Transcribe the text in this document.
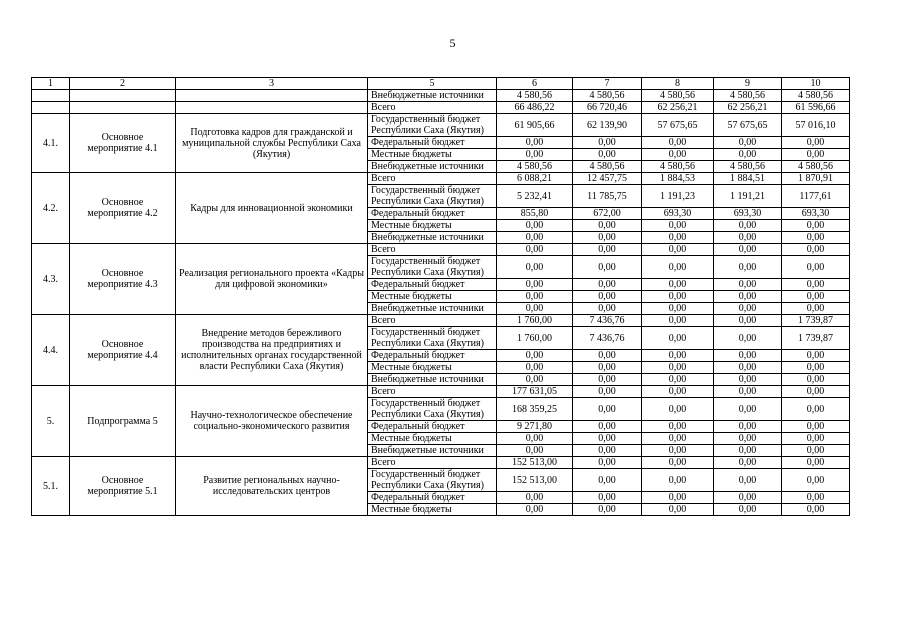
5
1	2	3	5	6	7	8	9	10
			Внебюджетные источники	4 580,56	4 580,56	4 580,56	4 580,56	4 580,56
			Всего	66 486,22	66 720,46	62 256,21	62 256,21	61 596,66
4.1.	Основное мероприятие 4.1	Подготовка кадров для гражданской и муниципальной службы Республики Саха (Якутия)	Государственный бюджет Республики Саха (Якутия)	61 905,66	62 139,90	57 675,65	57 675,65	57 016,10
			Федеральный бюджет	0,00	0,00	0,00	0,00	0,00
			Местные бюджеты	0,00	0,00	0,00	0,00	0,00
			Внебюджетные источники	4 580,56	4 580,56	4 580,56	4 580,56	4 580,56
4.2.	Основное мероприятие 4.2	Кадры для инновационной экономики	Всего	6 088,21	12 457,75	1 884,53	1 884,51	1 870,91
			Государственный бюджет Республики Саха (Якутия)	5 232,41	11 785,75	1 191,23	1 191,21	1177,61
			Федеральный бюджет	855,80	672,00	693,30	693,30	693,30
			Местные бюджеты	0,00	0,00	0,00	0,00	0,00
			Внебюджетные источники	0,00	0,00	0,00	0,00	0,00
4.3.	Основное мероприятие 4.3	Реализация регионального проекта «Кадры для цифровой экономики»	Всего	0,00	0,00	0,00	0,00	0,00
			Государственный бюджет Республики Саха (Якутия)	0,00	0,00	0,00	0,00	0,00
			Федеральный бюджет	0,00	0,00	0,00	0,00	0,00
			Местные бюджеты	0,00	0,00	0,00	0,00	0,00
			Внебюджетные источники	0,00	0,00	0,00	0,00	0,00
4.4.	Основное мероприятие 4.4	Внедрение методов бережливого производства на предприятиях и исполнительных органах государственной власти Республики Саха (Якутия)	Всего	1 760,00	7 436,76	0,00	0,00	1 739,87
			Государственный бюджет Республики Саха (Якутия)	1 760,00	7 436,76	0,00	0,00	1 739,87
			Федеральный бюджет	0,00	0,00	0,00	0,00	0,00
			Местные бюджеты	0,00	0,00	0,00	0,00	0,00
			Внебюджетные источники	0,00	0,00	0,00	0,00	0,00
5.	Подпрограмма 5	Научно-технологическое обеспечение социально-экономического развития	Всего	177 631,05	0,00	0,00	0,00	0,00
			Государственный бюджет Республики Саха (Якутия)	168 359,25	0,00	0,00	0,00	0,00
			Федеральный бюджет	9 271,80	0,00	0,00	0,00	0,00
			Местные бюджеты	0,00	0,00	0,00	0,00	0,00
			Внебюджетные источники	0,00	0,00	0,00	0,00	0,00
5.1.	Основное мероприятие 5.1	Развитие региональных научно-исследовательских центров	Всего	152 513,00	0,00	0,00	0,00	0,00
			Государственный бюджет Республики Саха (Якутия)	152 513,00	0,00	0,00	0,00	0,00
			Федеральный бюджет	0,00	0,00	0,00	0,00	0,00
			Местные бюджеты	0,00	0,00	0,00	0,00	0,00
